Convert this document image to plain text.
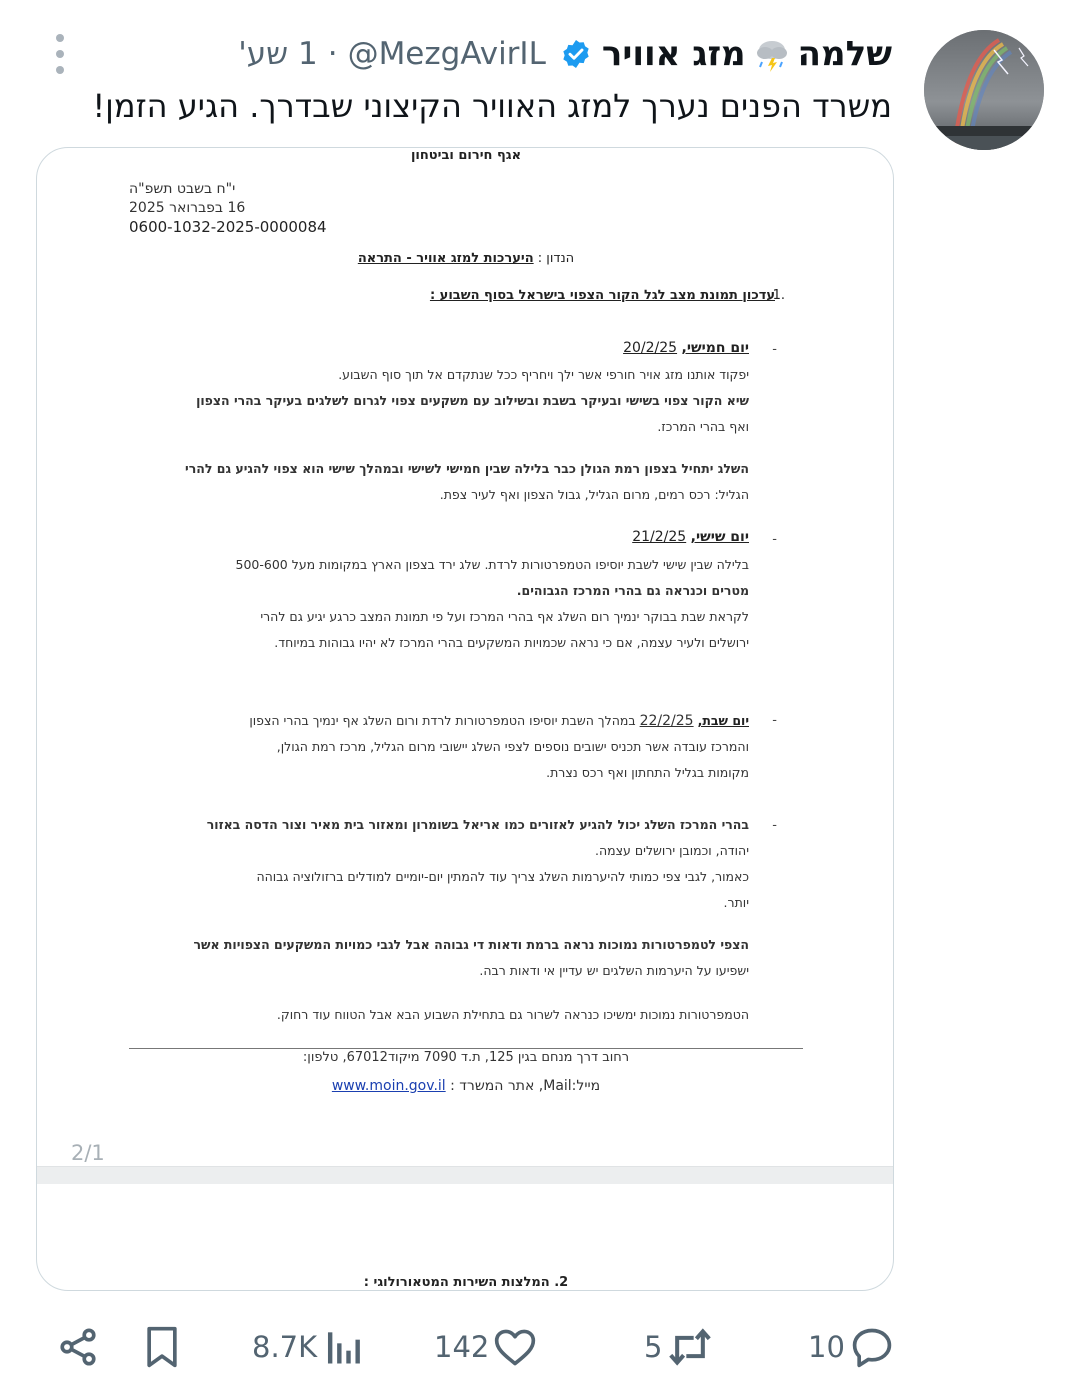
1 שע' · @MezgAvirIL מזג אוויר שלמה
משרד הפנים נערך למזג האוויר הקיצוני שבדרך. הגיע הזמן!
אגף חירום וביטחון
י"ח בשבט תשפ"ה
16 בפברואר 2025
0600-1032-2025-0000084
הנדון : היערכות למזג אוויר - התראה
1.
עדכון תמונת מצב לגל הקור הצפוי בישראל בסוף השבוע :
-
יום חמישי, 20/2/25
יפקוד אותנו מזג אויר חורפי אשר ילך ויחריף ככל שנתקדם אל תוך סוף השבוע.
שיא הקור צפוי בשישי ובעיקר בשבת ובשילוב עם משקעים צפוי לגרום לשלגים בעיקר בהרי הצפון
ואף בהרי המרכז.
השלג יתחיל בצפון רמת הגולן כבר בלילה שבין חמישי לשישי ובמהלך שישי הוא צפוי להגיע גם להרי
הגליל: רכס רמים, מרום הגליל, גבול הצפון ואף לעיר צפת.
-
יום שישי, 21/2/25
בלילה שבין שישי לשבת יוסיפו הטמפרטורות לרדת. שלג ירד בצפון הארץ במקומות מעל 500-600
מטרים וכנראה גם בהרי המרכז הגבוהים.
לקראת שבת בבוקר ינמיך רום השלג אף בהרי המרכז ועל פי תמונת המצב כרגע יגיע גם להרי
ירושלים ולעיר עצמה, אם כי נראה שכמויות המשקעים בהרי המרכז לא יהיו גבוהות במיוחד.
-
יום שבת, 22/2/25 במהלך השבת יוסיפו הטמפרטורות לרדת ורום השלג אף ינמיך בהרי הצפון
והמרכז עובדה אשר תכניס ישובים נוספים לצפי השלג יישובי מרום הגליל, מרכז רמת הגולן,
מקומות בגליל התחתון ואף רכס נצרת.
-
בהרי המרכז השלג יכול להגיע לאזורים כמו אריאל בשומרון ומאזור בית מאיר וצור הדסה באזור
יהודה, וכמובן ירושלים עצמה.
כאמור, לגבי צפי כמותי להיערמות השלג צריך עוד להמתין יום-יומיים למודלים ברזולוציה גבוהה
יותר.
הצפי לטמפרטורות נמוכות נראה ברמת ודאות די גבוהה אבל לגבי כמויות המשקעים הצפויות אשר
ישפיעו על היערמות השלגים יש עדיין אי ודאות רבה.
הטמפרטורות נמוכות ימשיכו כנראה לשרור גם בתחילת השבוע הבא אבל הטווח עוד רחוק.
רחוב דרך מנחם בגין 125, ת.ד 7090 מיקוד67012, טלפון:
מייל:Mail, אתר המשרד : www.moin.gov.il
2/1
2. המלצות השירות המטאורולוגי :
8.7K	142	5	10
